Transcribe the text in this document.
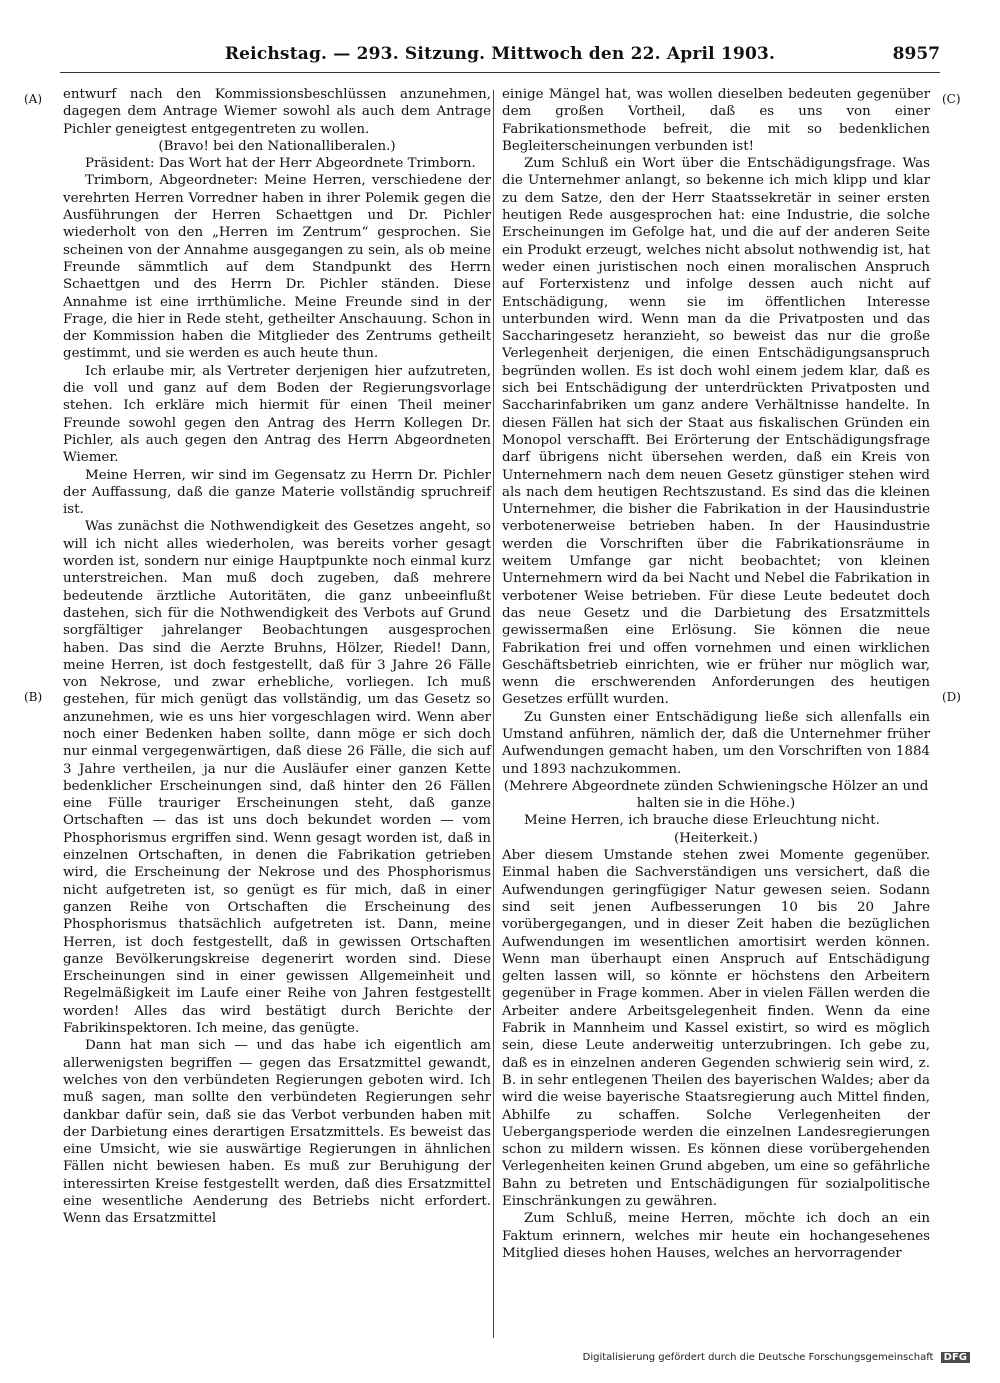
Reichstag. — 293. Sitzung. Mittwoch den 22. April 1903.	8957
(A)
(B)
(C)
(D)

entwurf nach den Kommissionsbeschlüssen anzunehmen, dagegen dem Antrage Wiemer sowohl als auch dem Antrage Pichler geneigtest entgegentreten zu wollen.

(Bravo! bei den Nationalliberalen.)

Präsident: Das Wort hat der Herr Abgeordnete Trimborn.

Trimborn, Abgeordneter: Meine Herren, verschiedene der verehrten Herren Vorredner haben in ihrer Polemik gegen die Ausführungen der Herren Schaettgen und Dr. Pichler wiederholt von den „Herren im Zentrum“ gesprochen. Sie scheinen von der Annahme ausgegangen zu sein, als ob meine Freunde sämmtlich auf dem Standpunkt des Herrn Schaettgen und des Herrn Dr. Pichler ständen. Diese Annahme ist eine irrthümliche. Meine Freunde sind in der Frage, die hier in Rede steht, getheilter Anschauung. Schon in der Kommission haben die Mitglieder des Zentrums getheilt gestimmt, und sie werden es auch heute thun.

Ich erlaube mir, als Vertreter derjenigen hier aufzutreten, die voll und ganz auf dem Boden der Regierungsvorlage stehen. Ich erkläre mich hiermit für einen Theil meiner Freunde sowohl gegen den Antrag des Herrn Kollegen Dr. Pichler, als auch gegen den Antrag des Herrn Abgeordneten Wiemer.

Meine Herren, wir sind im Gegensatz zu Herrn Dr. Pichler der Auffassung, daß die ganze Materie vollständig spruchreif ist.

Was zunächst die Nothwendigkeit des Gesetzes angeht, so will ich nicht alles wiederholen, was bereits vorher gesagt worden ist, sondern nur einige Hauptpunkte noch einmal kurz unterstreichen. Man muß doch zugeben, daß mehrere bedeutende ärztliche Autoritäten, die ganz unbeeinflußt dastehen, sich für die Nothwendigkeit des Verbots auf Grund sorgfältiger jahrelanger Beobachtungen ausgesprochen haben. Das sind die Aerzte Bruhns, Hölzer, Riedel! Dann, meine Herren, ist doch festgestellt, daß für 3 Jahre 26 Fälle von Nekrose, und zwar erhebliche, vorliegen. Ich muß gestehen, für mich genügt das vollständig, um das Gesetz so anzunehmen, wie es uns hier vorgeschlagen wird. Wenn aber noch einer Bedenken haben sollte, dann möge er sich doch nur einmal vergegenwärtigen, daß diese 26 Fälle, die sich auf 3 Jahre vertheilen, ja nur die Ausläufer einer ganzen Kette bedenklicher Erscheinungen sind, daß hinter den 26 Fällen eine Fülle trauriger Erscheinungen steht, daß ganze Ortschaften — das ist uns doch bekundet worden — vom Phosphorismus ergriffen sind. Wenn gesagt worden ist, daß in einzelnen Ortschaften, in denen die Fabrikation getrieben wird, die Erscheinung der Nekrose und des Phosphorismus nicht aufgetreten ist, so genügt es für mich, daß in einer ganzen Reihe von Ortschaften die Erscheinung des Phosphorismus thatsächlich aufgetreten ist. Dann, meine Herren, ist doch festgestellt, daß in gewissen Ortschaften ganze Bevölkerungskreise degenerirt worden sind. Diese Erscheinungen sind in einer gewissen Allgemeinheit und Regelmäßigkeit im Laufe einer Reihe von Jahren festgestellt worden! Alles das wird bestätigt durch Berichte der Fabrikinspektoren. Ich meine, das genügte.

Dann hat man sich — und das habe ich eigentlich am allerwenigsten begriffen — gegen das Ersatzmittel gewandt, welches von den verbündeten Regierungen geboten wird. Ich muß sagen, man sollte den verbündeten Regierungen sehr dankbar dafür sein, daß sie das Verbot verbunden haben mit der Darbietung eines derartigen Ersatzmittels. Es beweist das eine Umsicht, wie sie auswärtige Regierungen in ähnlichen Fällen nicht bewiesen haben. Es muß zur Beruhigung der interessirten Kreise festgestellt werden, daß dies Ersatzmittel eine wesentliche Aenderung des Betriebs nicht erfordert. Wenn das Ersatzmittel

einige Mängel hat, was wollen dieselben bedeuten gegenüber dem großen Vortheil, daß es uns von einer Fabrikationsmethode befreit, die mit so bedenklichen Begleiterscheinungen verbunden ist!

Zum Schluß ein Wort über die Entschädigungsfrage. Was die Unternehmer anlangt, so bekenne ich mich klipp und klar zu dem Satze, den der Herr Staatssekretär in seiner ersten heutigen Rede ausgesprochen hat: eine Industrie, die solche Erscheinungen im Gefolge hat, und die auf der anderen Seite ein Produkt erzeugt, welches nicht absolut nothwendig ist, hat weder einen juristischen noch einen moralischen Anspruch auf Forterxistenz und infolge dessen auch nicht auf Entschädigung, wenn sie im öffentlichen Interesse unterbunden wird. Wenn man da die Privatposten und das Saccharingesetz heranzieht, so beweist das nur die große Verlegenheit derjenigen, die einen Entschädigungsanspruch begründen wollen. Es ist doch wohl einem jedem klar, daß es sich bei Entschädigung der unterdrückten Privatposten und Saccharinfabriken um ganz andere Verhältnisse handelte. In diesen Fällen hat sich der Staat aus fiskalischen Gründen ein Monopol verschafft. Bei Erörterung der Entschädigungsfrage darf übrigens nicht übersehen werden, daß ein Kreis von Unternehmern nach dem neuen Gesetz günstiger stehen wird als nach dem heutigen Rechtszustand. Es sind das die kleinen Unternehmer, die bisher die Fabrikation in der Hausindustrie verbotenerweise betrieben haben. In der Hausindustrie werden die Vorschriften über die Fabrikationsräume in weitem Umfange gar nicht beobachtet; von kleinen Unternehmern wird da bei Nacht und Nebel die Fabrikation in verbotener Weise betrieben. Für diese Leute bedeutet doch das neue Gesetz und die Darbietung des Ersatzmittels gewissermaßen eine Erlösung. Sie können die neue Fabrikation frei und offen vornehmen und einen wirklichen Geschäftsbetrieb einrichten, wie er früher nur möglich war, wenn die erschwerenden Anforderungen des heutigen Gesetzes erfüllt wurden.

Zu Gunsten einer Entschädigung ließe sich allenfalls ein Umstand anführen, nämlich der, daß die Unternehmer früher Aufwendungen gemacht haben, um den Vorschriften von 1884 und 1893 nachzukommen.

(Mehrere Abgeordnete zünden Schwieningsche Hölzer an und halten sie in die Höhe.)

Meine Herren, ich brauche diese Erleuchtung nicht.

(Heiterkeit.)

Aber diesem Umstande stehen zwei Momente gegenüber. Einmal haben die Sachverständigen uns versichert, daß die Aufwendungen geringfügiger Natur gewesen seien. Sodann sind seit jenen Aufbesserungen 10 bis 20 Jahre vorübergegangen, und in dieser Zeit haben die bezüglichen Aufwendungen im wesentlichen amortisirt werden können. Wenn man überhaupt einen Anspruch auf Entschädigung gelten lassen will, so könnte er höchstens den Arbeitern gegenüber in Frage kommen. Aber in vielen Fällen werden die Arbeiter andere Arbeitsgelegenheit finden. Wenn da eine Fabrik in Mannheim und Kassel existirt, so wird es möglich sein, diese Leute anderweitig unterzubringen. Ich gebe zu, daß es in einzelnen anderen Gegenden schwierig sein wird, z. B. in sehr entlegenen Theilen des bayerischen Waldes; aber da wird die weise bayerische Staatsregierung auch Mittel finden, Abhilfe zu schaffen. Solche Verlegenheiten der Uebergangsperiode werden die einzelnen Landesregierungen schon zu mildern wissen. Es können diese vorübergehenden Verlegenheiten keinen Grund abgeben, um eine so gefährliche Bahn zu betreten und Entschädigungen für sozialpolitische Einschränkungen zu gewähren.

Zum Schluß, meine Herren, möchte ich doch an ein Faktum erinnern, welches mir heute ein hochangesehenes Mitglied dieses hohen Hauses, welches an hervorragender

Digitalisierung gefördert durch die Deutsche Forschungsgemeinschaft DFG
